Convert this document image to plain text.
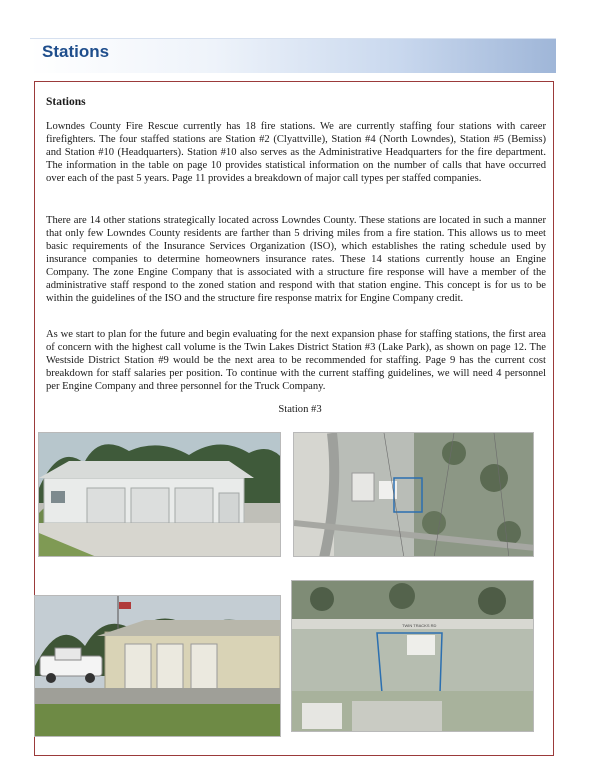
Stations
Stations

Lowndes County Fire Rescue currently has 18 fire stations. We are currently staffing four stations with career firefighters. The four staffed stations are Station #2 (Clyattville), Station #4 (North Lowndes), Station #5 (Bemiss) and Station #10 (Headquarters). Station #10 also serves as the Administrative Headquarters for the fire department. The information in the table on page 10 provides statistical information on the number of calls that have occurred over each of the past 5 years. Page 11 provides a breakdown of major call types per staffed companies.

There are 14 other stations strategically located across Lowndes County. These stations are located in such a manner that only few Lowndes County residents are farther than 5 driving miles from a fire station. This allows us to meet basic requirements of the Insurance Services Organization (ISO), which establishes the rating schedule used by insurance companies to determine homeowners insurance rates. These 14 stations currently house an Engine Company. The zone Engine Company that is associated with a structure fire response will have a member of the administrative staff respond to the zoned station and respond with that station engine. This concept is for us to be within the guidelines of the ISO and the structure fire response matrix for Engine Company credit.

As we start to plan for the future and begin evaluating for the next expansion phase for staffing stations, the first area of concern with the highest call volume is the Twin Lakes District Station #3 (Lake Park), as shown on page 12. The Westside District Station #9 would be the next area to be recommended for staffing. Page 9 has the current cost breakdown for staff salaries per position. To continue with the current staffing guidelines, we will need 4 personnel per Engine Company and three personnel for the Truck Company.

Station #3
TWIN TRACKS RD
